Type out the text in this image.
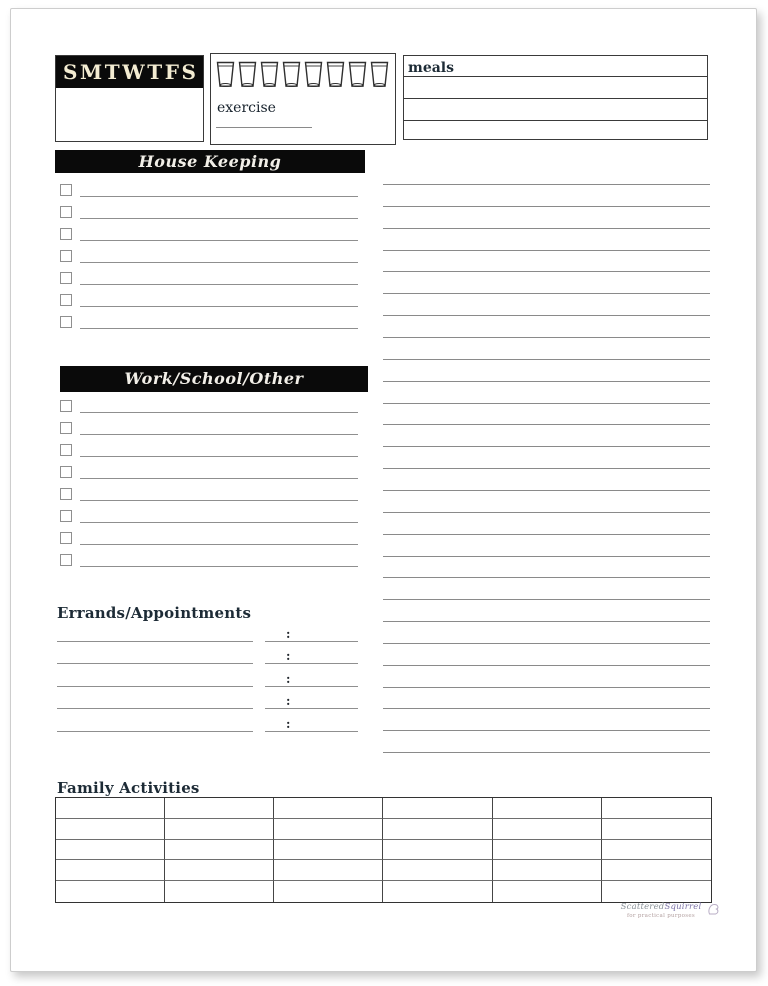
S M T W T F S
exercise
meals
House Keeping
Work/School/Other
Errands/Appointments
:
:
:
:
:
Family Activities
ScatteredSquirrel
for practical purposes
